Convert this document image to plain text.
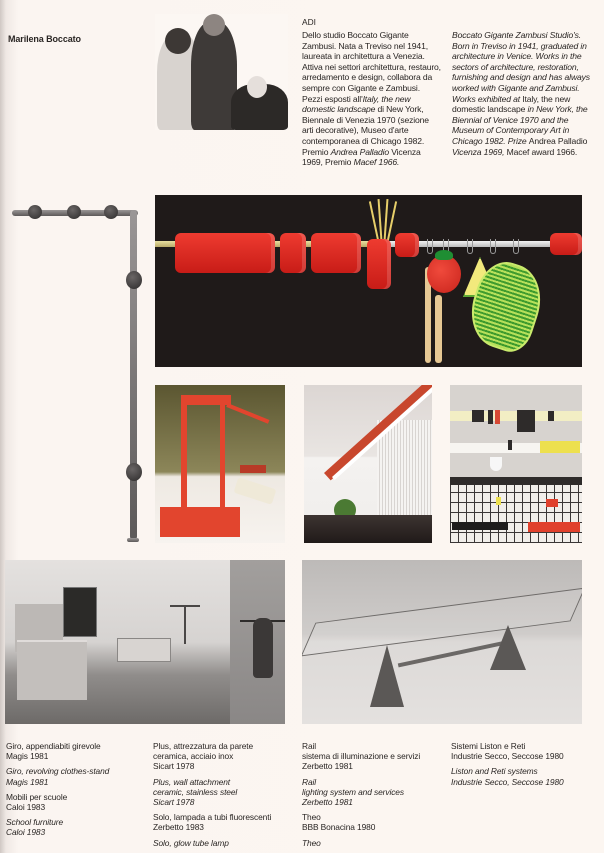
Marilena Boccato
ADI
Dello studio Boccato Gigante Zambusi. Nata a Treviso nel 1941, laureata in architettura a Venezia. Attiva nei settori architettura, restauro, arredamento e design, collabora da sempre con Gigante e Zambusi. Pezzi esposti all'Italy, the new domestic landscape di New York, Biennale di Venezia 1970 (sezione arti decorative), Museo d'arte contemporanea di Chicago 1982. Premio Andrea Palladio Vicenza 1969, Premio Macef 1966.
Boccato Gigante Zambusi Studio's. Born in Treviso in 1941, graduated in architecture in Venice. Works in the sectors of architecture, restoration, furnishing and design and has always worked with Gigante and Zambusi. Works exhibited at Italy, the new domestic landscape in New York, the Biennial of Venice 1970 and the Museum of Contemporary Art in Chicago 1982. Prize Andrea Palladio Vicenza 1969, Macef award 1966.
Giro, appendiabiti girevole
Magis 1981
Giro, revolving clothes-stand
Magis 1981
Mobili per scuole
Caloi 1983
School furniture
Caloi 1983
Plus, attrezzatura da parete
ceramica, acciaio inox
Sicart 1978
Plus, wall attachment
ceramic, stainless steel
Sicart 1978
Solo, lampada a tubi fluorescenti
Zerbetto 1983
Solo, glow tube lamp
Rail
sistema di illuminazione e servizi
Zerbetto 1981
Rail
lighting system and services
Zerbetto 1981
Theo
BBB Bonacina 1980
Theo
Sistemi Liston e Reti
Industrie Secco, Seccose 1980
Liston and Reti systems
Industrie Secco, Seccose 1980
